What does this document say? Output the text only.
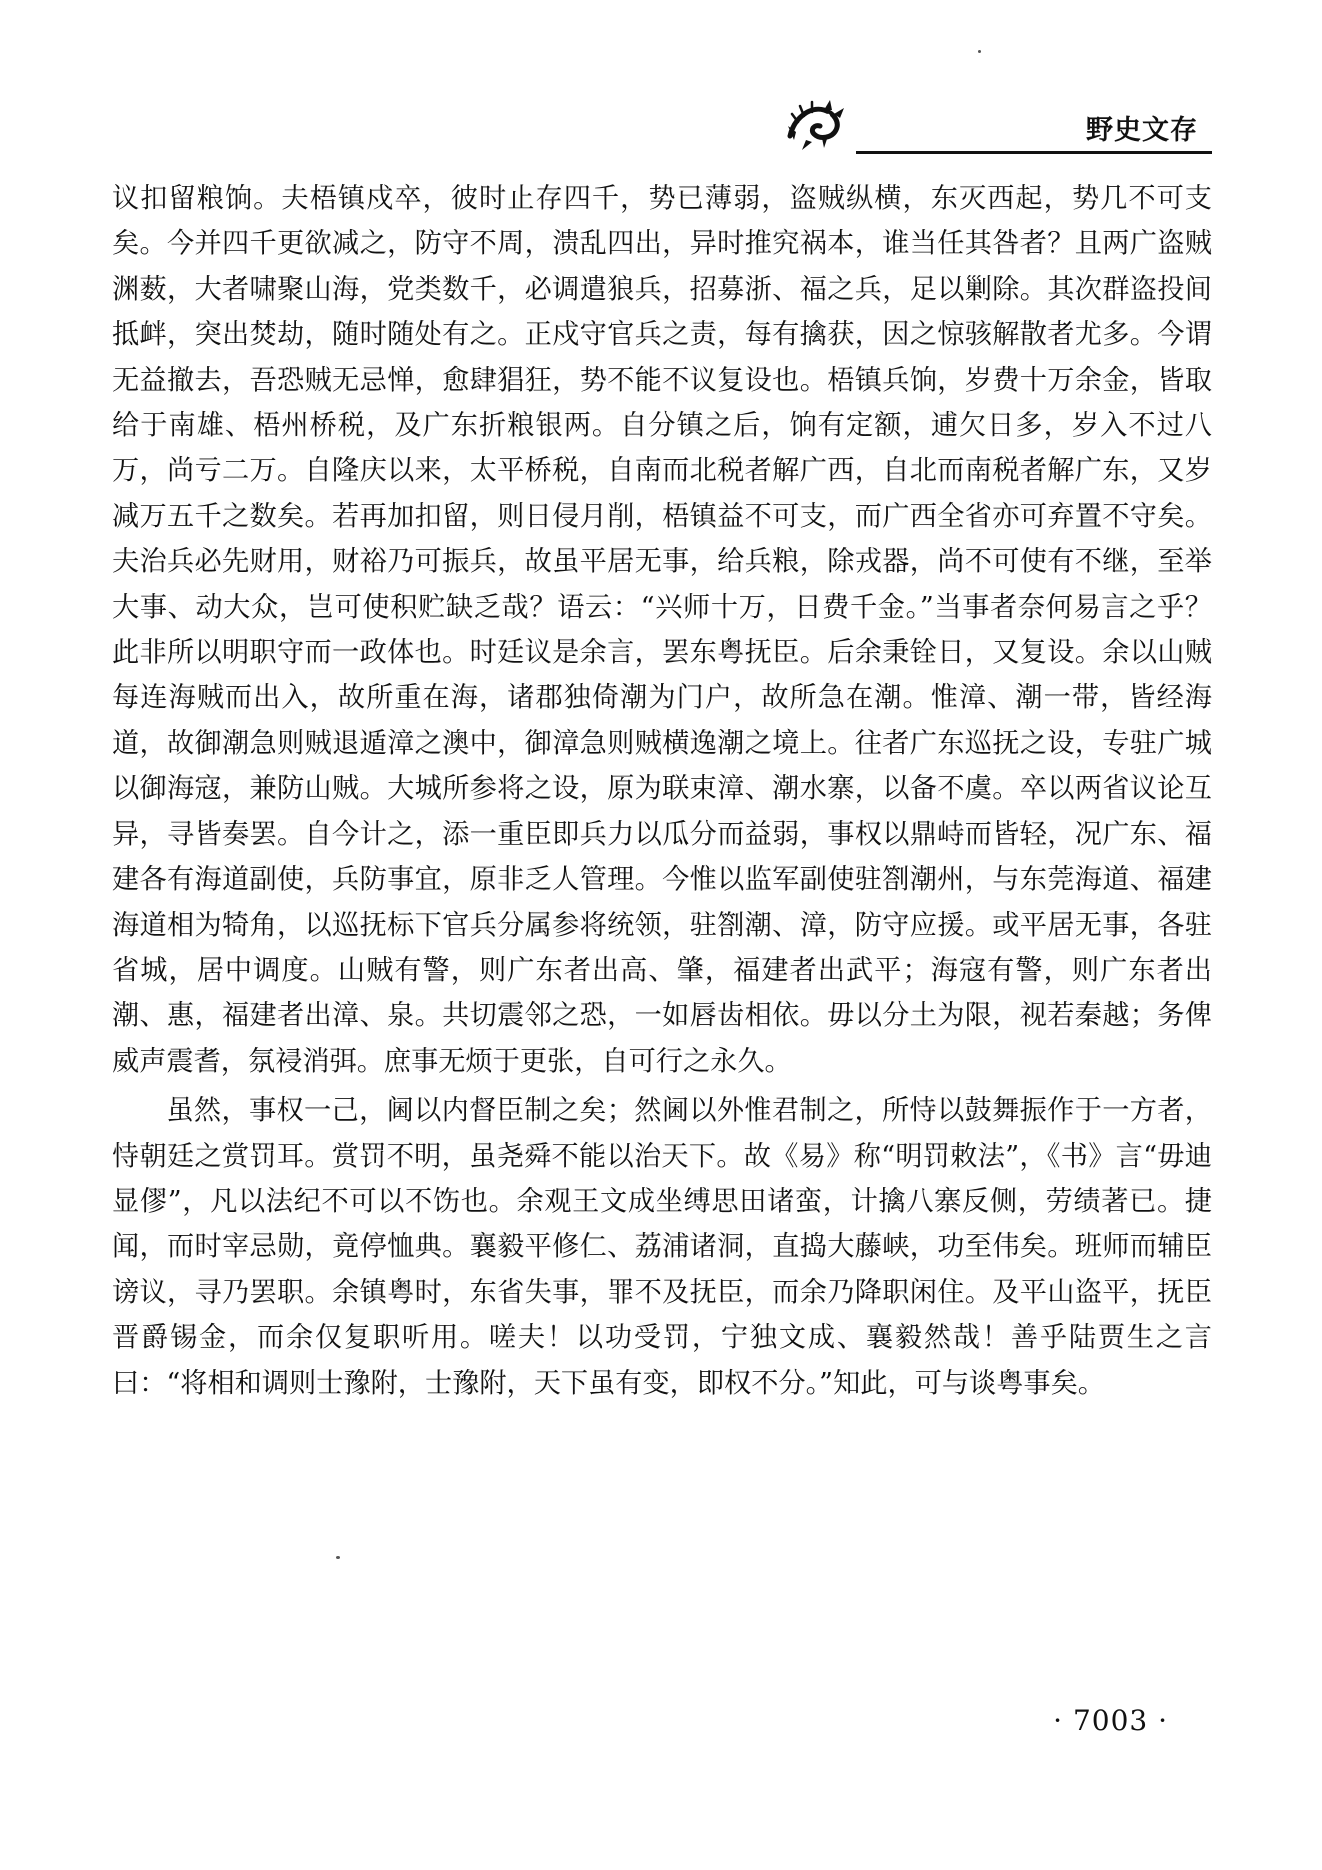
野史文存

议扣留粮饷。夫梧镇戍卒，彼时止存四千，势已薄弱，盗贼纵横，东灭西起，势几不可支矣。今并四千更欲减之，防守不周，溃乱四出，异时推究祸本，谁当任其咎者？且两广盗贼渊薮，大者啸聚山海，党类数千，必调遣狼兵，招募浙、福之兵，足以剿除。其次群盗投间抵衅，突出焚劫，随时随处有之。正戍守官兵之责，每有擒获，因之惊骇解散者尤多。今谓无益撤去，吾恐贼无忌惮，愈肆猖狂，势不能不议复设也。梧镇兵饷，岁费十万余金，皆取给于南雄、梧州桥税，及广东折粮银两。自分镇之后，饷有定额，逋欠日多，岁入不过八万，尚亏二万。自隆庆以来，太平桥税，自南而北税者解广西，自北而南税者解广东，又岁减万五千之数矣。若再加扣留，则日侵月削，梧镇益不可支，而广西全省亦可弃置不守矣。夫治兵必先财用，财裕乃可振兵，故虽平居无事，给兵粮，除戎器，尚不可使有不继，至举大事、动大众，岂可使积贮缺乏哉？语云：“兴师十万，日费千金。”当事者奈何易言之乎？此非所以明职守而一政体也。时廷议是余言，罢东粤抚臣。后余秉铨日，又复设。余以山贼每连海贼而出入，故所重在海，诸郡独倚潮为门户，故所急在潮。惟漳、潮一带，皆经海道，故御潮急则贼退遁漳之澳中，御漳急则贼横逸潮之境上。往者广东巡抚之设，专驻广城以御海寇，兼防山贼。大城所参将之设，原为联束漳、潮水寨，以备不虞。卒以两省议论互异，寻皆奏罢。自今计之，添一重臣即兵力以瓜分而益弱，事权以鼎峙而皆轻，况广东、福建各有海道副使，兵防事宜，原非乏人管理。今惟以监军副使驻劄潮州，与东莞海道、福建海道相为犄角，以巡抚标下官兵分属参将统领，驻劄潮、漳，防守应援。或平居无事，各驻省城，居中调度。山贼有警，则广东者出高、肇，福建者出武平；海寇有警，则广东者出潮、惠，福建者出漳、泉。共切震邻之恐，一如唇齿相依。毋以分土为限，视若秦越；务俾威声震耆，氛祲消弭。庶事无烦于更张，自可行之永久。

虽然，事权一己，阃以内督臣制之矣；然阃以外惟君制之，所恃以鼓舞振作于一方者，恃朝廷之赏罚耳。赏罚不明，虽尧舜不能以治天下。故《易》称“明罚敕法”，《书》言“毋迪显僇”，凡以法纪不可以不饬也。余观王文成坐缚思田诸蛮，计擒八寨反侧，劳绩著已。捷闻，而时宰忌勋，竟停恤典。襄毅平修仁、荔浦诸洞，直捣大藤峡，功至伟矣。班师而辅臣谤议，寻乃罢职。余镇粤时，东省失事，罪不及抚臣，而余乃降职闲住。及平山盗平，抚臣晋爵锡金，而余仅复职听用。嗟夫！以功受罚，宁独文成、襄毅然哉！善乎陆贾生之言曰：“将相和调则士豫附，士豫附，天下虽有变，即权不分。”知此，可与谈粤事矣。

· 7003 ·
